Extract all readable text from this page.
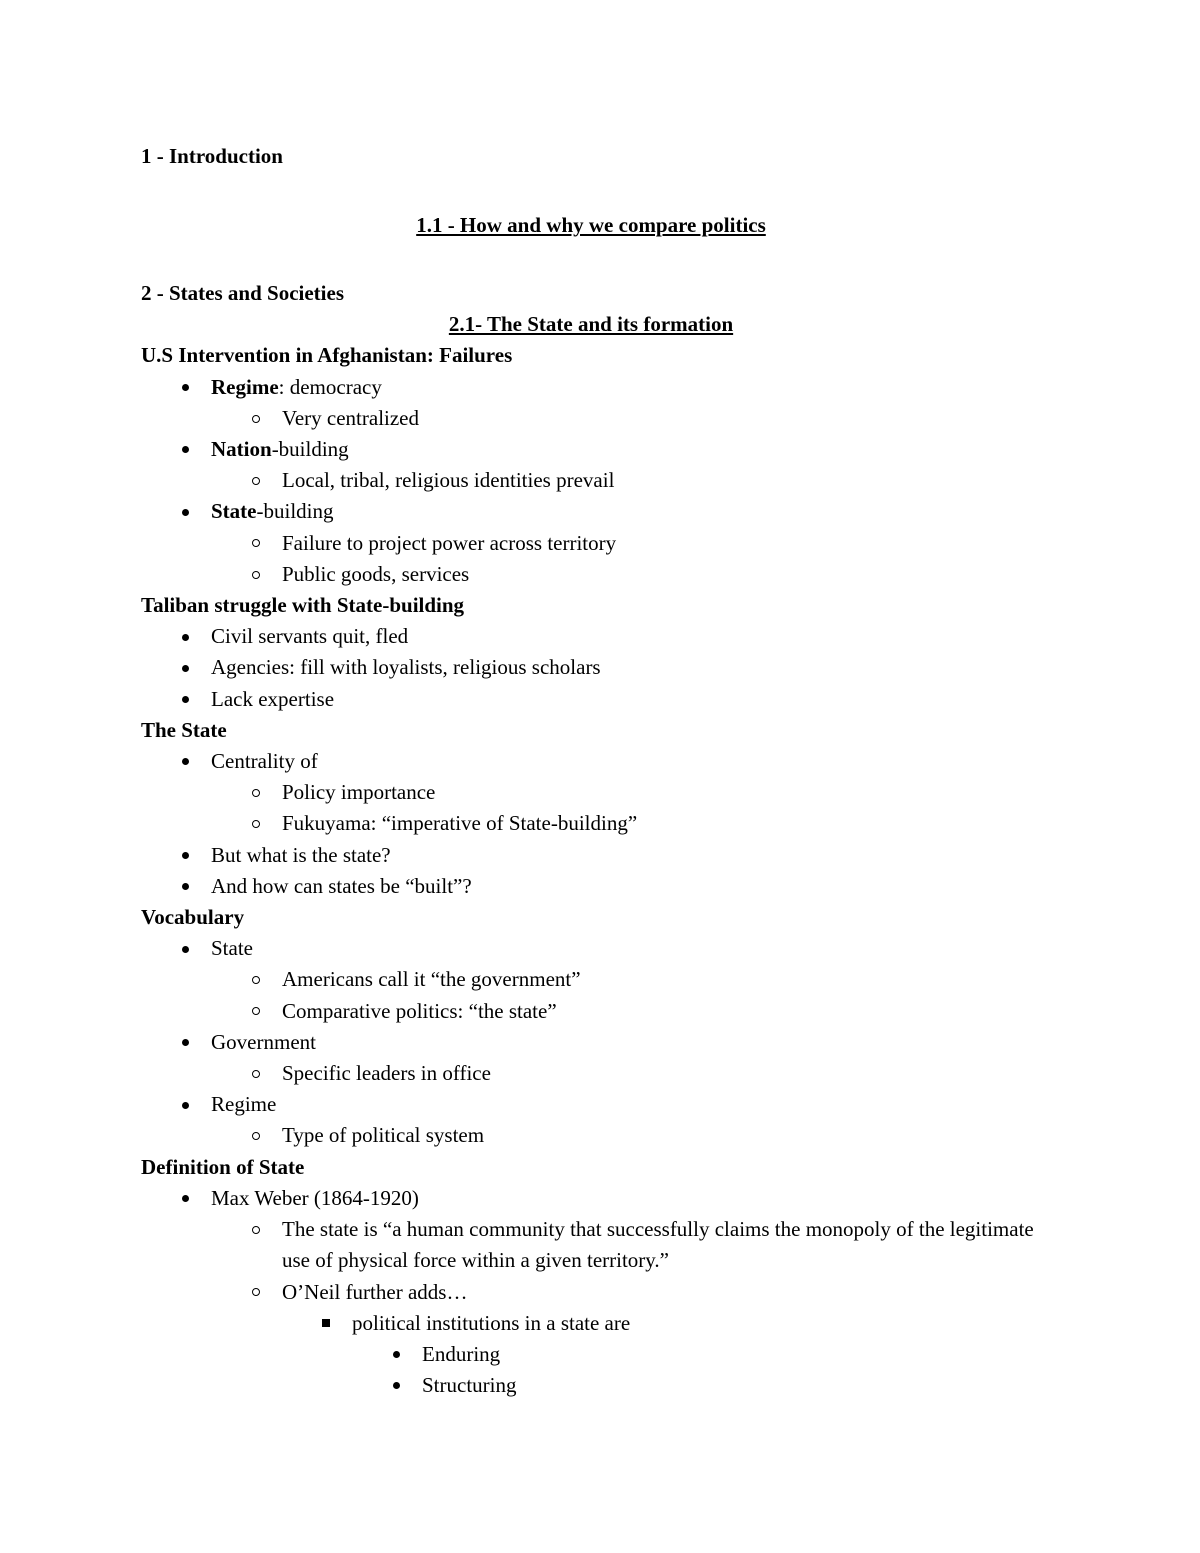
1 - Introduction
1.1 - How and why we compare politics
2 - States and Societies
2.1- The State and its formation
U.S Intervention in Afghanistan: Failures
Regime: democracy
Very centralized
Nation-building
Local, tribal, religious identities prevail
State-building
Failure to project power across territory
Public goods, services
Taliban struggle with State-building
Civil servants quit, fled
Agencies: fill with loyalists, religious scholars
Lack expertise
The State
Centrality of
Policy importance
Fukuyama: “imperative of State-building”
But what is the state?
And how can states be “built”?
Vocabulary
State
Americans call it “the government”
Comparative politics: “the state”
Government
Specific leaders in office
Regime
Type of political system
Definition of State
Max Weber (1864-1920)
The state is “a human community that successfully claims the monopoly of the legitimate use of physical force within a given territory.”
O’Neil further adds…
political institutions in a state are
Enduring
Structuring
